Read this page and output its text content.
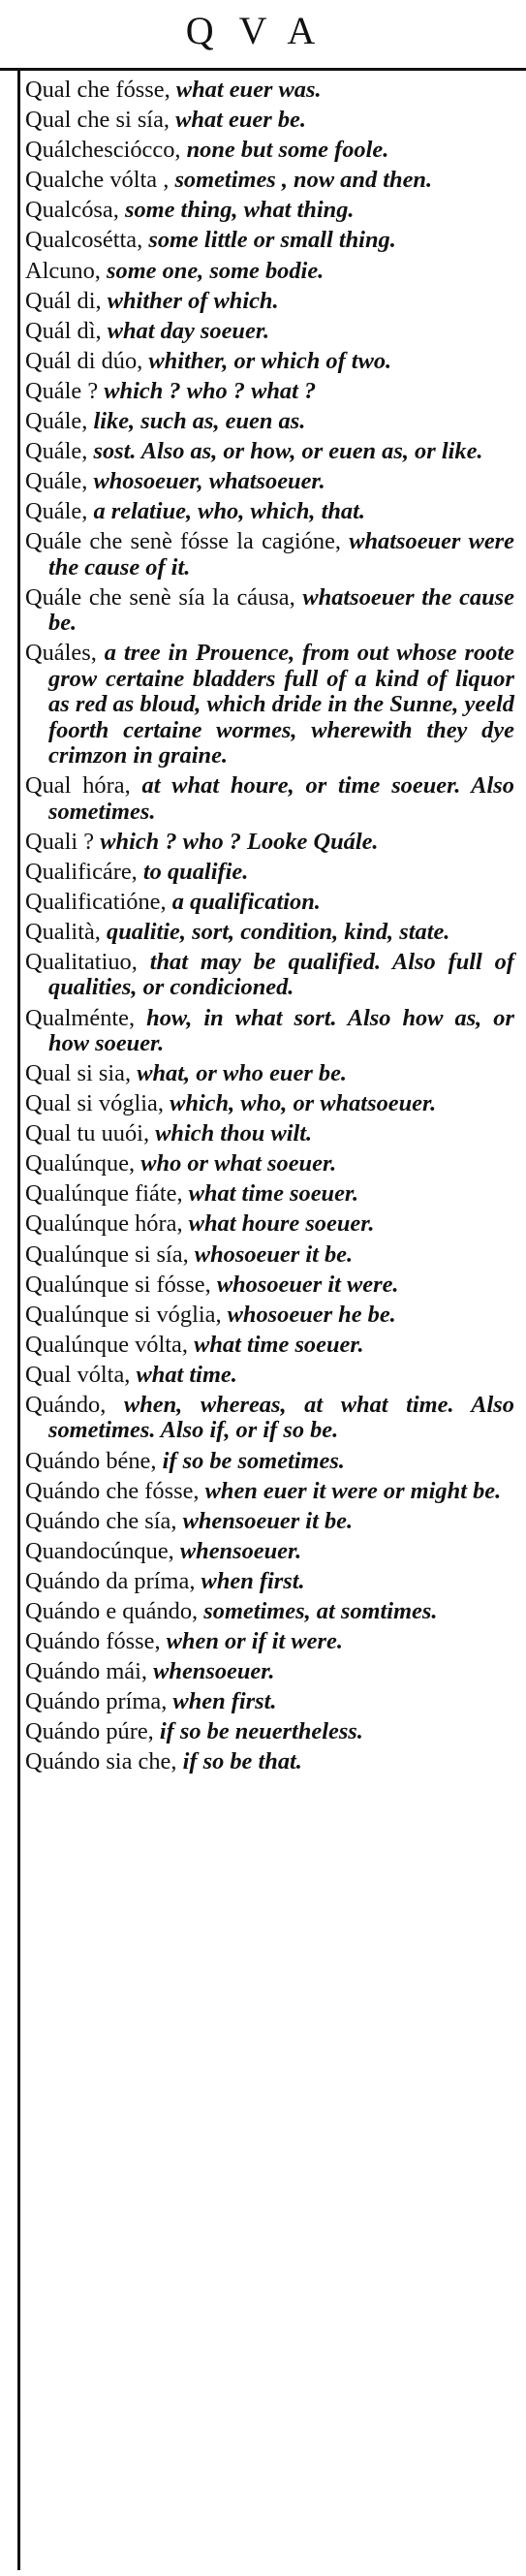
QVA
Qual che fósse, what euer was.
Qual che si sía, what euer be.
Quálchescióccо, none but some foole.
Qualche vólta , sometimes , now and then.
Qualcósa, some thing, what thing.
Qualcosétta, some little or small thing.
Alcuno, some one, some bodie.
Quál di, whither of which.
Quál dì, what day soeuer.
Quál di dúo, whither, or which of two.
Quále ? which ? who ? what ?
Quále, like, such as, euen as.
Quále, sost. Also as, or how, or euen as, or like.
Quále, whosoeuer, whatsoeuer.
Quále, a relatiue, who, which, that.
Quále che senè fósse la cagióne, whatsoeuer were the cause of it.
Quále che senè sía la cáusa, whatsoeuer the cause be.
Quáles, a tree in Prouence, from out whose roote grow certaine bladders full of a kind of liquor as red as bloud, which dride in the Sunne, yeeld foorth certaine wormes, wherewith they dye crimzon in graine.
Qual hóra, at what houre, or time soeuer. Also sometimes.
Quali ? which ? who ? Looke Quále.
Qualificáre, to qualifie.
Qualificatióne, a qualification.
Qualità, qualitie, sort, condition, kind, state.
Qualitatiuo, that may be qualified. Also full of qualities, or condicioned.
Qualménte, how, in what sort. Also how as, or how soeuer.
Qual si sia, what, or who euer be.
Qual si vóglia, which, who, or whatsoeuer.
Qual tu uuói, which thou wilt.
Qualúnque, who or what soeuer.
Qualúnque fiáte, what time soeuer.
Qualúnque hóra, what houre soeuer.
Qualúnque si sía, whosoeuer it be.
Qualúnque si fósse, whosoeuer it were.
Qualúnque si vóglia, whosoeuer he be.
Qualúnque vólta, what time soeuer.
Qual vólta, what time.
Quándo, when, whereas, at what time. Also sometimes. Also if, or if so be.
Quándo béne, if so be sometimes.
Quándo che fósse, when euer it were or might be.
Quándo che sía, whensoeuer it be.
Quandocúnque, whensoeuer.
Quándo da príma, when first.
Quándo e quándo, sometimes, at somtimes.
Quándo fósse, when or if it were.
Quándo mái, whensoeuer.
Quándo príma, when first.
Quándo púre, if so be neuertheless.
Quándo sia che, if so be that.
